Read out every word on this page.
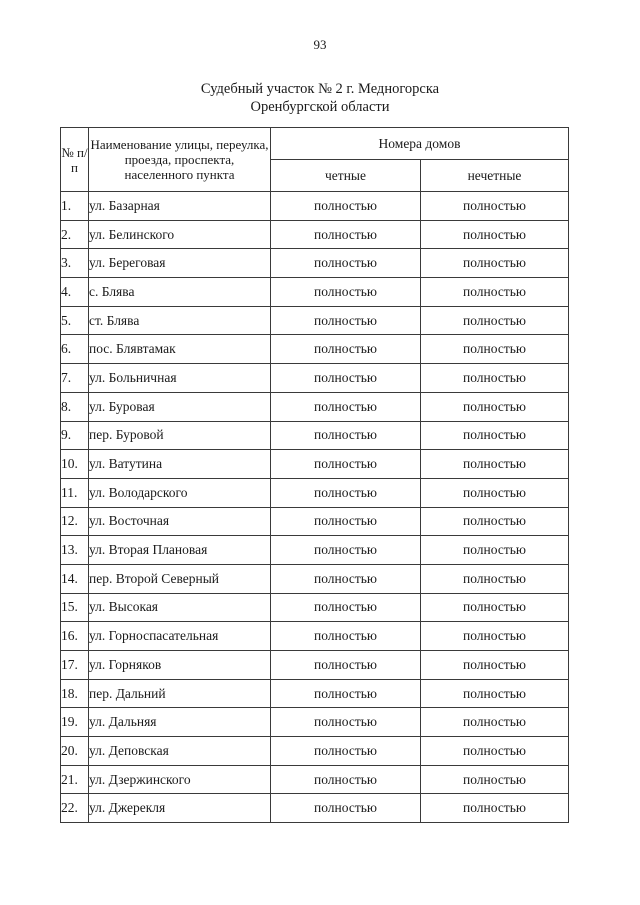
93
Судебный участок № 2 г. Медногорска
Оренбургской области
№ п/п	Наименование улицы, переулка, проезда, проспекта, населенного пункта	Номера домов	
		четные	нечетные
1.	ул. Базарная	полностью	полностью
2.	ул. Белинского	полностью	полностью
3.	ул. Береговая	полностью	полностью
4.	с. Блява	полностью	полностью
5.	ст. Блява	полностью	полностью
6.	пос. Блявтамак	полностью	полностью
7.	ул. Больничная	полностью	полностью
8.	ул. Буровая	полностью	полностью
9.	пер. Буровой	полностью	полностью
10.	ул. Ватутина	полностью	полностью
11.	ул. Володарского	полностью	полностью
12.	ул. Восточная	полностью	полностью
13.	ул. Вторая Плановая	полностью	полностью
14.	пер. Второй Северный	полностью	полностью
15.	ул. Высокая	полностью	полностью
16.	ул. Горноспасательная	полностью	полностью
17.	ул. Горняков	полностью	полностью
18.	пер. Дальний	полностью	полностью
19.	ул. Дальняя	полностью	полностью
20.	ул. Деповская	полностью	полностью
21.	ул. Дзержинского	полностью	полностью
22.	ул. Джерекля	полностью	полностью
